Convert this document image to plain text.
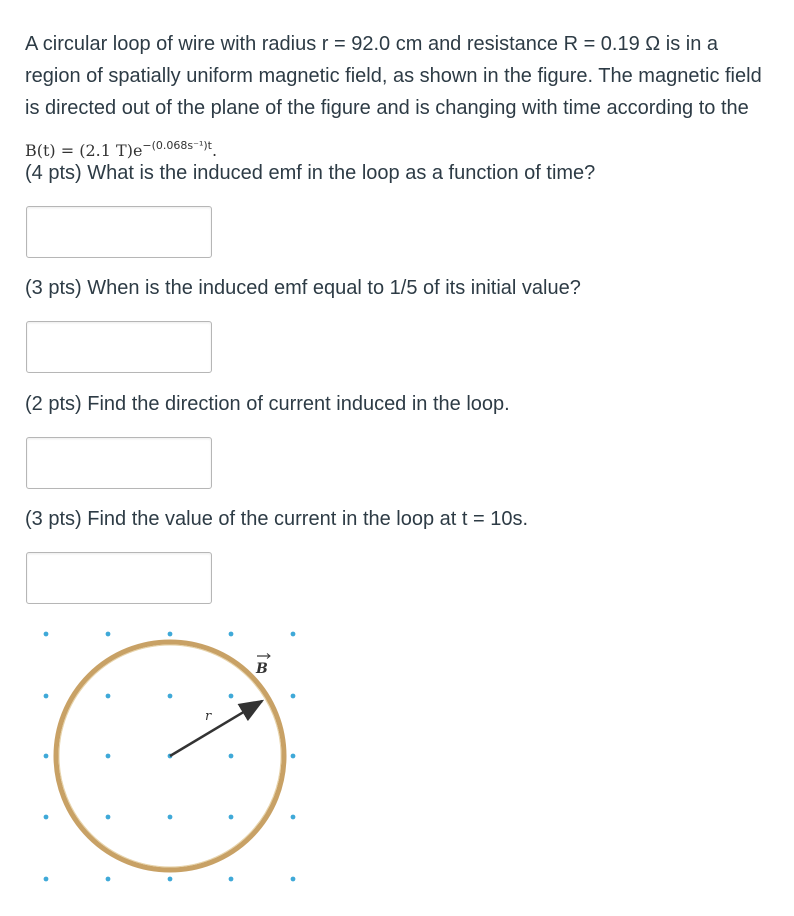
A circular loop of wire with radius r = 92.0 cm and resistance R = 0.19 Ω is in a region of spatially uniform magnetic field, as shown in the figure. The magnetic field is directed out of the plane of the figure and is changing with time according to the $_{B(t) = (2.1 T)e^{-(0.068s^{-1})t}.}$

(4 pts) What is the induced emf in the loop as a function of time?

(3 pts) When is the induced emf equal to 1/5 of its initial value?

(2 pts) Find the direction of current induced in the loop.

(3 pts) Find the value of the current in the loop at t = 10s.

r
B
